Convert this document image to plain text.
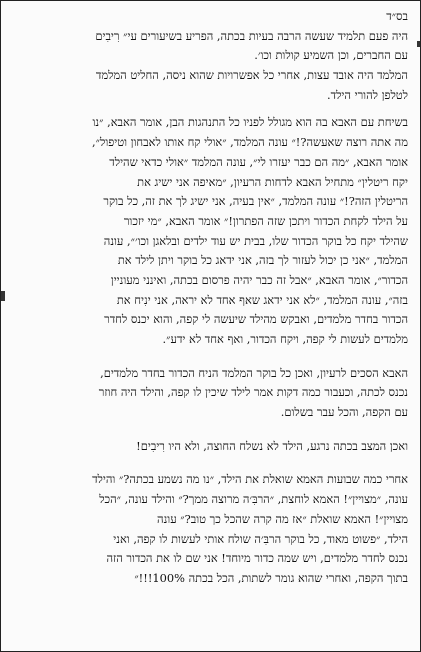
בס״ד
היה פעם תלמיד שעשה הרבה בעיות בכתה, הפריע בשיעורים עי״ רִיבִים
עם החברים, וכן השמיע קולות וכו׳.
המלמד היה אובד עצות, אחרי כל אפשרויות שהוא ניסה, החליט המלמד
לטלפן להורי הילד.
בשיחת עם האבא בה הוא מגולל לפניו כל התנהגות הבן, אומר האבא, ״נו
מה אתה רוצה שאעשה?!״ עונה המלמד, ״אולי קח אותו לאבחון וטיפול״,
אומר האבא, ״מה הם כבר יעזרו לי״, עונה המלמד ״אולי כדאי שהילד
יקח ריטלין״ מתחיל האבא לדחות הרעיון, ״מאיפה אני ישיג את
הריטלין הזה?!״ עונה המלמד, ״אין בעיה, אני ישיג לך את זה, כל בוקר
על הילד לקחת הכדור ויתכן שזה הפתרון!״ אומר האבא, ״מי יזכור
שהילד יקח כל בוקר הכדור שלו, בבית יש עוד ילדים ובלאגן וכו׳״, עונה
המלמד, ״אני כן יכול לעזור לך בזה, אני ידאג כל בוקר ויתן לילד את
הכדור״, אומר האבא, ״אבל זה כבר יהיה פרסום בכתה, ואינני מעוניין
בזה״, עונה המלמד, ״לא אני ידאג שאף אחד לא יראה, אני ינִיח את
הכדור בחדר מלמדים, ואבקש מהילד שיעשה לי קפה, והוא יכנס לחדר
מלמדים לעשות לי קפה, ויקח הכדור, ואף אחד לא ידע״.
האבא הסכים לרעיון, ואכן כל בוקר המלמד הניח הכדור בחדר מלמדים,
נכנס לכתה, וכעבור כמה דקות אמר לילד שיכין לו קפה, והילד היה חוזר
עם הקפה, והכל עבר בשלום.
ואכן המצב בכתה נרגע, הילד לא נשלח החוצה, ולא היו רִיבִים!
אחרי כמה שבועות האמא שואלת את הילד, ״נו מה נשמע בכתה?״ והילד
עונה, ״מצויין״! האמא לוחצת, ״הרבִּ׳ה מרוצה ממך?״ והילד עונה, ״הכל
מצויין״! האמא שואלת ״אז מה קרה שהכל כך טוב?״ עונה
הילד, ״פשוט מאוד, כל בוקר הרבִּ׳ה שולח אותי לעשות לו קפה, ואני
נכנס לחדר מלמדים, ויש שמה כדור מיוחד! אני שם לו את הכדור הזה
בתוך הקפה, ואחרי שהוא גומר לשתות, הכל בכתה 100%!!!״
